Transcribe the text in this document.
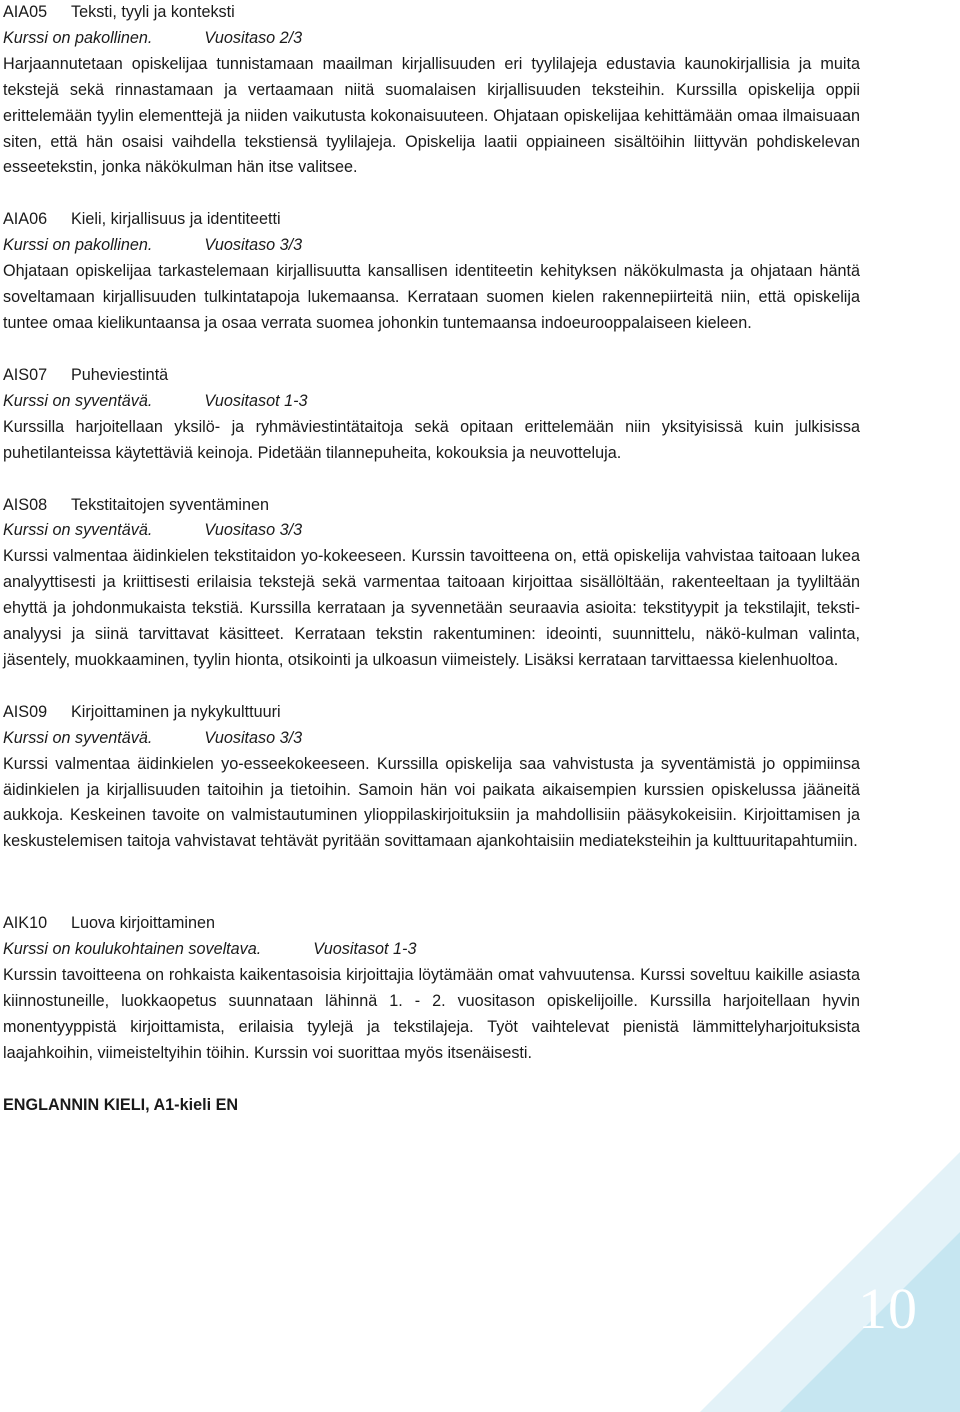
AIA05	Teksti, tyyli ja konteksti
Kurssi on pakollinen.	Vuositaso 2/3
Harjaannutetaan opiskelijaa tunnistamaan maailman kirjallisuuden eri tyylilajeja edustavia kaunokirjallisia ja muita tekstejä sekä rinnastamaan ja vertaamaan niitä suomalaisen kirjallisuuden teksteihin. Kurssilla opiskelija oppii erittelemään tyylin elementtejä ja niiden vaikutusta kokonaisuuteen. Ohjataan opiskelijaa kehittämään omaa ilmaisuaan siten, että hän osaisi vaihdella tekstiensä tyylilajeja. Opiskelija laatii oppiaineen sisältöihin liittyvän pohdiskelevan esseetekstin, jonka näkökulman hän itse valitsee.
AIA06	Kieli, kirjallisuus ja identiteetti
Kurssi on pakollinen.	Vuositaso 3/3
Ohjataan opiskelijaa tarkastelemaan kirjallisuutta kansallisen identiteetin kehityksen näkökulmasta ja ohjataan häntä soveltamaan kirjallisuuden tulkintatapoja lukemaansa. Kerrataan suomen kielen rakennepiirteitä niin, että opiskelija tuntee omaa kielikuntaansa ja osaa verrata suomea johonkin tuntemaansa indoeurooppalaiseen kieleen.
AIS07	Puheviestintä
Kurssi on syventävä.	Vuositasot 1-3
Kurssilla harjoitellaan yksilö- ja ryhmäviestintätaitoja sekä opitaan erittelemään niin yksityisissä kuin julkisissa puhetilanteissa käytettäviä keinoja. Pidetään tilannepuheita, kokouksia ja neuvotteluja.
AIS08	Tekstitaitojen syventäminen
Kurssi on syventävä.	Vuositaso 3/3
Kurssi valmentaa äidinkielen tekstitaidon yo-kokeeseen. Kurssin tavoitteena on, että opiskelija vahvistaa taitoaan lukea analyyttisesti ja kriittisesti erilaisia tekstejä sekä varmentaa taitoaan kirjoittaa sisällöltään, rakenteeltaan ja tyyliltään ehyttä ja johdonmukaista tekstiä. Kurssilla kerrataan ja syvennetään seuraavia asioita: tekstityypit ja tekstilajit, teksti-analyysi ja siinä tarvittavat käsitteet. Kerrataan tekstin rakentuminen: ideointi, suunnittelu, näkö-kulman valinta, jäsentely, muokkaaminen, tyylin hionta, otsikointi ja ulkoasun viimeistely. Lisäksi kerrataan tarvittaessa kielenhuoltoa.
AIS09	Kirjoittaminen ja nykykulttuuri
Kurssi on syventävä.	Vuositaso 3/3
Kurssi valmentaa äidinkielen yo-esseekokeeseen. Kurssilla opiskelija saa vahvistusta ja syventämistä jo oppimiinsa äidinkielen ja kirjallisuuden taitoihin ja tietoihin. Samoin hän voi paikata aikaisempien kurssien opiskelussa jääneitä aukkoja. Keskeinen tavoite on valmistautuminen ylioppilaskirjoituksiin ja mahdollisiin pääsykokeisiin. Kirjoittamisen ja keskustelemisen taitoja vahvistavat tehtävät pyritään sovittamaan ajankohtaisiin mediateksteihin ja kulttuuritapahtumiin.
AIK10	Luova kirjoittaminen
Kurssi on koulukohtainen soveltava.	Vuositasot 1-3
Kurssin tavoitteena on rohkaista kaikentasoisia kirjoittajia löytämään omat vahvuutensa. Kurssi soveltuu kaikille asiasta kiinnostuneille, luokkaopetus suunnataan lähinnä 1. - 2. vuositason opiskelijoille. Kurssilla harjoitellaan hyvin monentyyppistä kirjoittamista, erilaisia tyylejä ja tekstilajeja. Työt vaihtelevat pienistä lämmittelyharjoituksista laajahkoihin, viimeisteltyihin töihin. Kurssin voi suorittaa myös itsenäisesti.
ENGLANNIN KIELI, A1-kieli EN
10
